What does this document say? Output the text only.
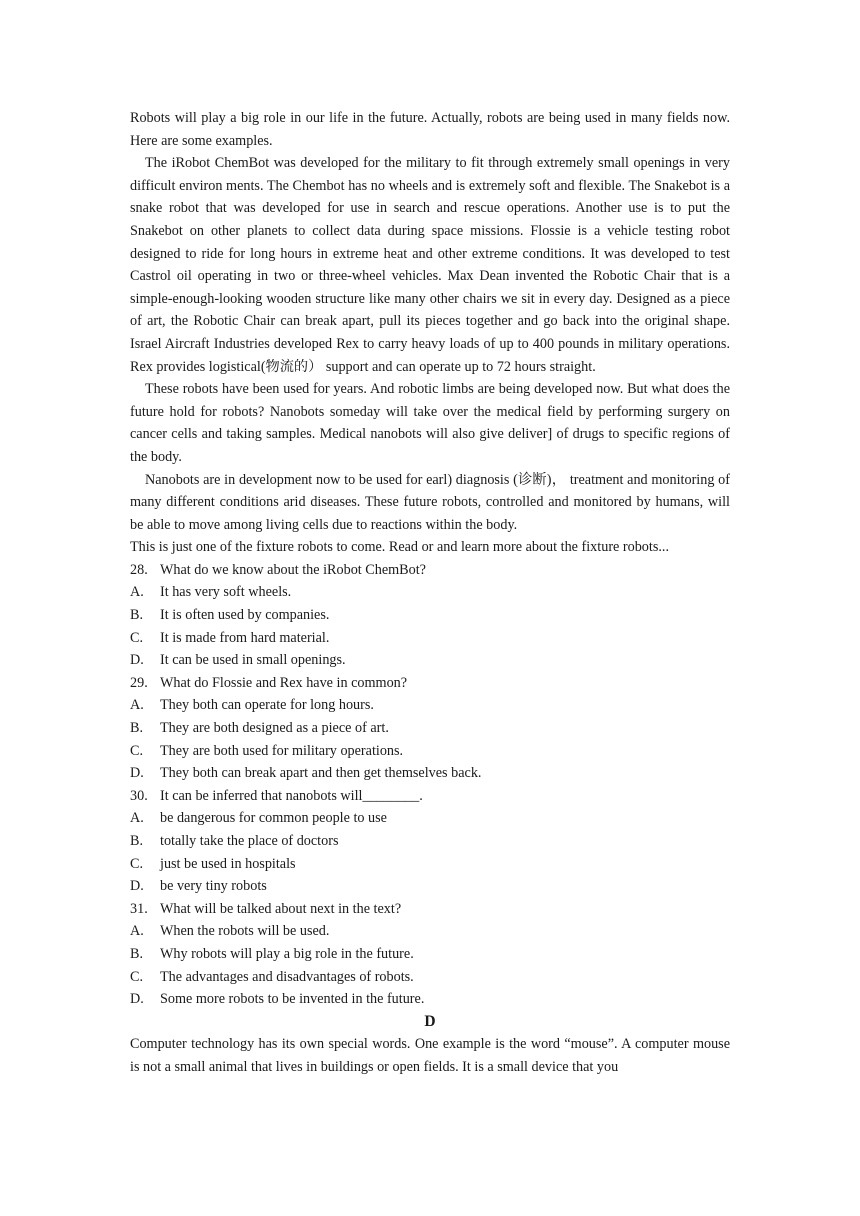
Robots will play a big role in our life in the future. Actually, robots are being used in many fields now. Here are some examples.

The iRobot ChemBot was developed for the military to fit through extremely small openings in very difficult environ ments. The Chembot has no wheels and is extremely soft and flexible. The Snakebot is a snake robot that was developed for use in search and rescue operations. Another use is to put the Snakebot on other planets to collect data during space missions. Flossie is a vehicle testing robot designed to ride for long hours in extreme heat and other extreme conditions. It was developed to test Castrol oil operating in two or three-wheel vehicles. Max Dean invented the Robotic Chair that is a simple-enough-looking wooden structure like many other chairs we sit in every day. Designed as a piece of art, the Robotic Chair can break apart, pull its pieces together and go back into the original shape. Israel Aircraft Industries developed Rex to carry heavy loads of up to 400 pounds in military operations. Rex provides logistical(物流的） support and can operate up to 72 hours straight.

These robots have been used for years. And robotic limbs are being developed now. But what does the future hold for robots? Nanobots someday will take over the medical field by performing surgery on cancer cells and taking samples. Medical nanobots will also give deliver] of drugs to specific regions of the body.

Nanobots are in development now to be used for earl) diagnosis (诊断)， treatment and monitoring of many different conditions arid diseases. These future robots, controlled and monitored by humans, will be able to move among living cells due to reactions within the body.

This is just one of the fixture robots to come. Read or and learn more about the fixture robots...

28. What do we know about the iRobot ChemBot?
A.	It has very soft wheels.
B.	It is often used by companies.
C.	It is made from hard material.
D.	It can be used in small openings.
29. What do Flossie and Rex have in common?
A.	They both can operate for long hours.
B.	They are both designed as a piece of art.
C.	They are both used for military operations.
D.	They both can break apart and then get themselves back.
30. It can be inferred that nanobots will________.
A.	be dangerous for common people to use
B.	totally take the place of doctors
C.	just be used in hospitals
D.	be very tiny robots
31. What will be talked about next in the text?
A.	When the robots will be used.
B.	Why robots will play a big role in the future.
C.	The advantages and disadvantages of robots.
D.	Some more robots to be invented in the future.
D

Computer technology has its own special words. One example is the word “mouse”. A computer mouse is not a small animal that lives in buildings or open fields. It is a small device that you
